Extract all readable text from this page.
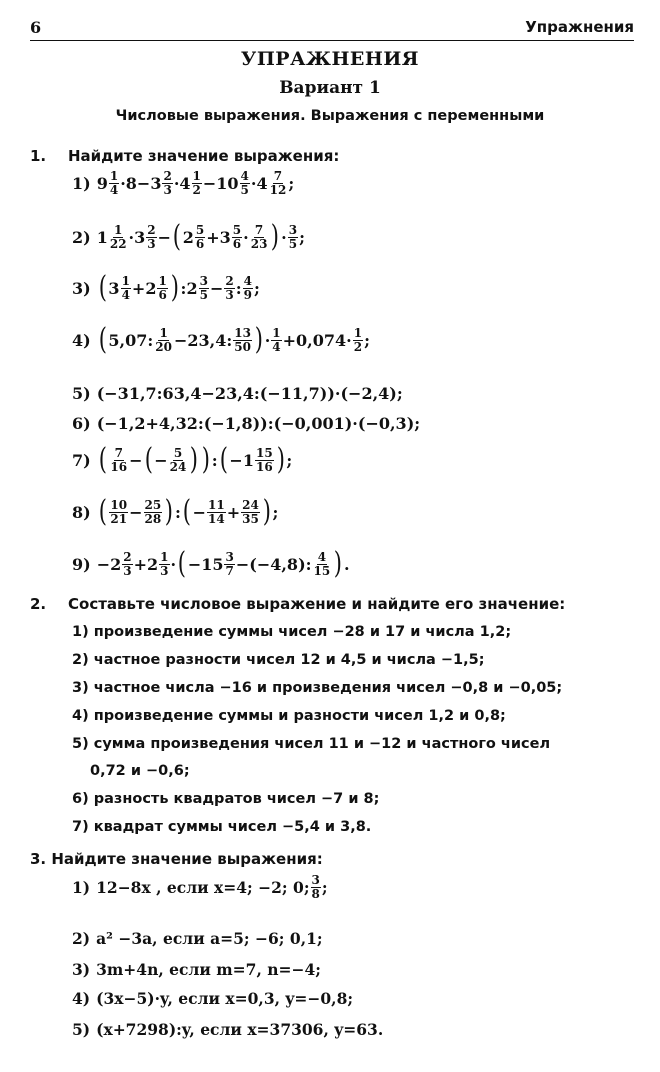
6	Упражнения
УПРАЖНЕНИЯ
Вариант 1
Числовые выражения. Выражения с переменными
1. Найдите значение выражения:
1) $9 \frac{1}{4} \cdot 8-3 \frac{2}{3} \cdot 4 \frac{1}{2} -10 \frac{4}{5} \cdot 4 \frac{7}{12}$ ;
2) $1 \frac{1}{22} \cdot 3 \frac{2}{3}$ − ( $2 \frac{5}{6} +3 \frac{5}{6} \cdot \frac{7}{23}$ ) · $\frac{3}{5}$ ;
3) ( $3 \frac{1}{4} +2 \frac{1}{6}$ ) :2 $\frac{3}{5} - \frac{2}{3}$ : $\frac{4}{9}$ ;
4) ( 5,07: $\frac{1}{20} -23,4$: $\frac{13}{50}$ ) · $\frac{1}{4} +0,074\cdot \frac{1}{2}$ ;
5) (−31,7:63,4−23,4:(−11,7))·(−2,4);
6) (−1,2+4,32:(−1,8)):(−0,001)·(−0,3);
7) ( $\frac{7}{16}$ − ( − $\frac{5}{24}$ ) ) : ( $-1 \frac{15}{16}$ ) ;
8) ( $\frac{10}{21} - \frac{25}{28}$ ) : ( − $\frac{11}{14} + \frac{24}{35}$ ) ;
$9) -2 \frac{2}{3} +2 \frac{1}{3}$ · ( $-15 \frac{3}{7} -(-4,8)$: $\frac{4}{15}$ ) .
2. Составьте числовое выражение и найдите его значение:
1) произведение суммы чисел −28 и 17 и числа 1,2;
2) частное разности чисел 12 и 4,5 и числа −1,5;
3) частное числа −16 и произведения чисел −0,8 и −0,05;
4) произведение суммы и разности чисел 1,2 и 0,8;
5) сумма произведения чисел 11 и −12 и частного чисел
0,72 и −0,6;
6) разность квадратов чисел −7 и 8;
7) квадрат суммы чисел −5,4 и 3,8.
3. Найдите значение выражения:
1) 12−8x , если x=4; −2; 0; $\frac{3}{8}$ ;
2) a² −3a, если a=5; −6; 0,1;
3) 3m+4n, если m=7, n=−4;
4) (3x−5)·y, если x=0,3, y=−0,8;
5) (x+7298):y, если x=37306, y=63.
